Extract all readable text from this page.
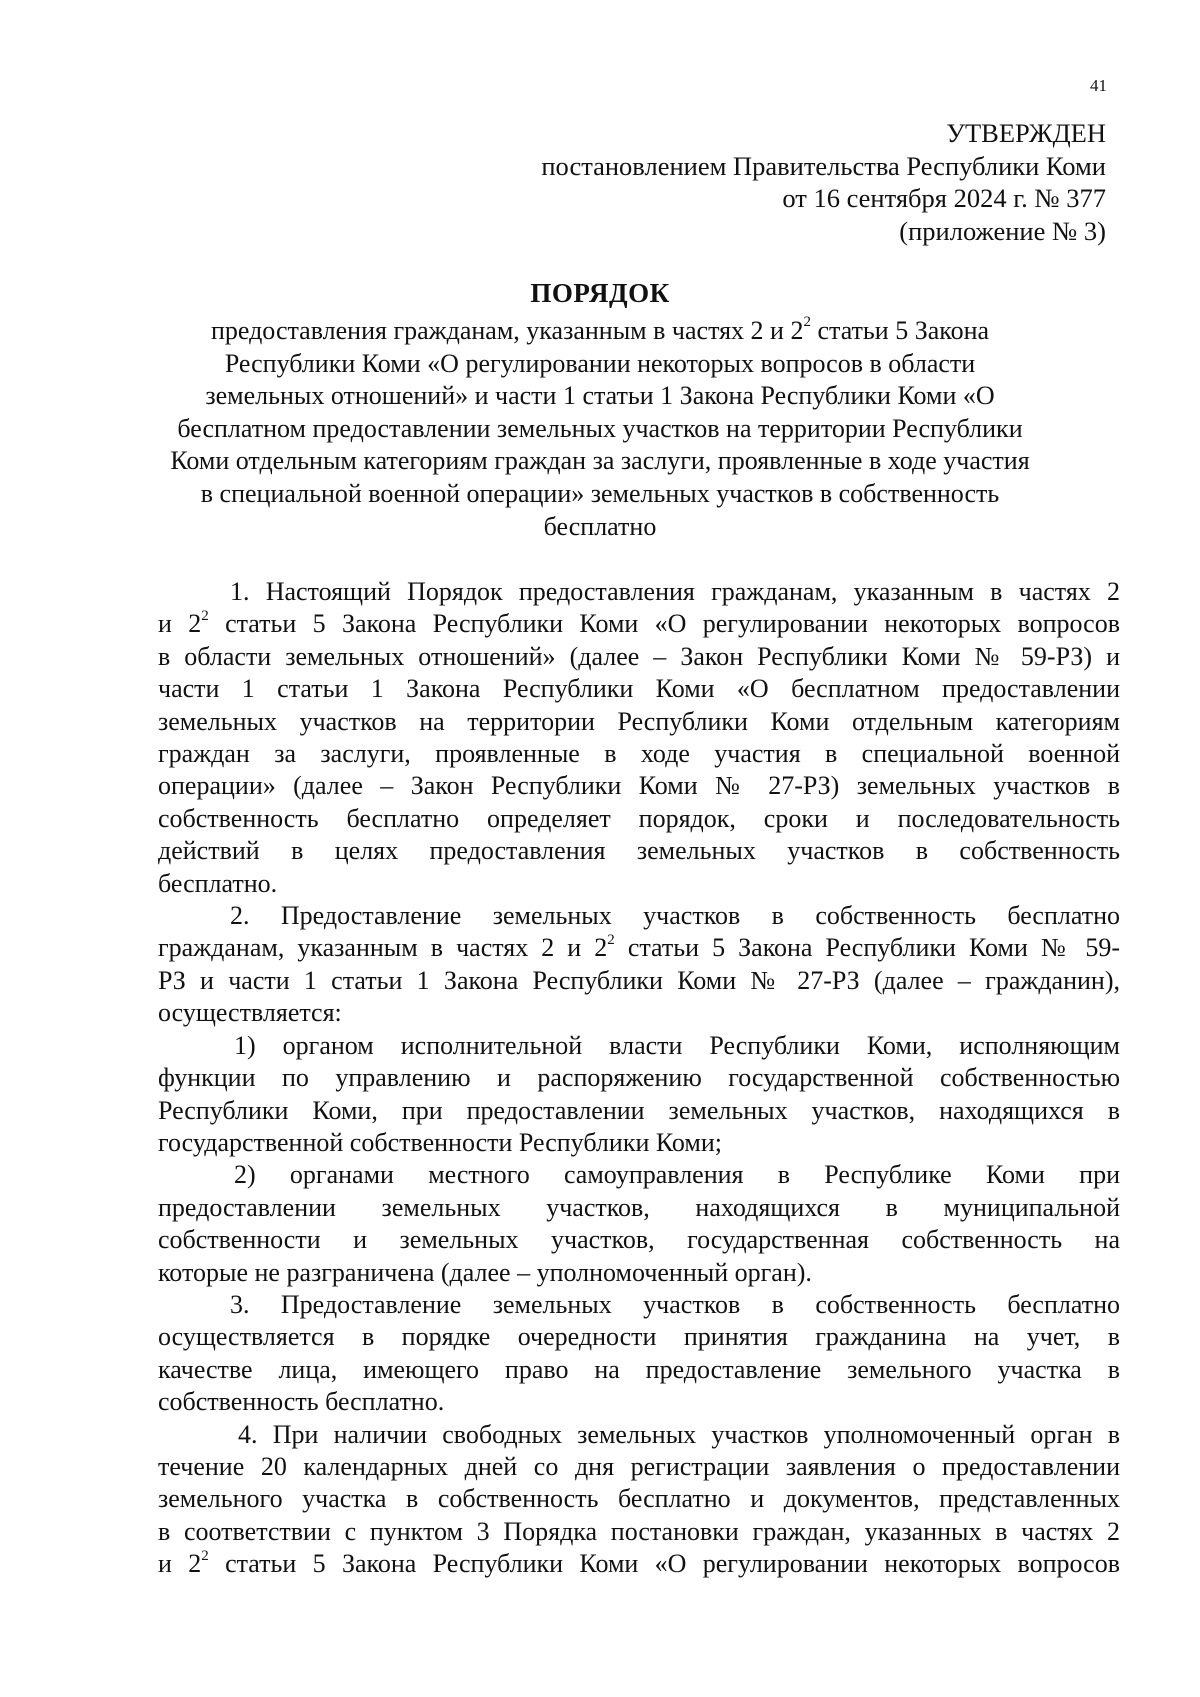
41
УТВЕРЖДЕН
постановлением Правительства Республики Коми
от 16 сентября 2024 г. № 377
(приложение № 3)
ПОРЯДОК
предоставления гражданам, указанным в частях 2 и $2^2$ статьи 5 Закона
Республики Коми «О регулировании некоторых вопросов в области
земельных отношений» и части 1 статьи 1 Закона Республики Коми «О
бесплатном предоставлении земельных участков на территории Республики
Коми отдельным категориям граждан за заслуги, проявленные в ходе участия
в специальной военной операции» земельных участков в собственность
бесплатно
1. Настоящий Порядок предоставления гражданам, указанным в частях 2
и $2^2$ статьи 5 Закона Республики Коми «О регулировании некоторых вопросов
в области земельных отношений» (далее – Закон Республики Коми № 59-РЗ) и
части 1 статьи 1 Закона Республики Коми «О бесплатном предоставлении
земельных участков на территории Республики Коми отдельным категориям
граждан за заслуги, проявленные в ходе участия в специальной военной
операции» (далее – Закон Республики Коми № 27-РЗ) земельных участков в
собственность бесплатно определяет порядок, сроки и последовательность
действий в целях предоставления земельных участков в собственность
бесплатно.
2. Предоставление земельных участков в собственность бесплатно
гражданам, указанным в частях 2 и $2^2$ статьи 5 Закона Республики Коми № 59-
РЗ и части 1 статьи 1 Закона Республики Коми № 27-РЗ (далее – гражданин),
осуществляется:
1) органом исполнительной власти Республики Коми, исполняющим
функции по управлению и распоряжению государственной собственностью
Республики Коми, при предоставлении земельных участков, находящихся в
государственной собственности Республики Коми;
2) органами местного самоуправления в Республике Коми при
предоставлении земельных участков, находящихся в муниципальной
собственности и земельных участков, государственная собственность на
которые не разграничена (далее – уполномоченный орган).
3. Предоставление земельных участков в собственность бесплатно
осуществляется в порядке очередности принятия гражданина на учет, в
качестве лица, имеющего право на предоставление земельного участка в
собственность бесплатно.
4. При наличии свободных земельных участков уполномоченный орган в
течение 20 календарных дней со дня регистрации заявления о предоставлении
земельного участка в собственность бесплатно и документов, представленных
в соответствии с пунктом 3 Порядка постановки граждан, указанных в частях 2
и $2^2$ статьи 5 Закона Республики Коми «О регулировании некоторых вопросов
